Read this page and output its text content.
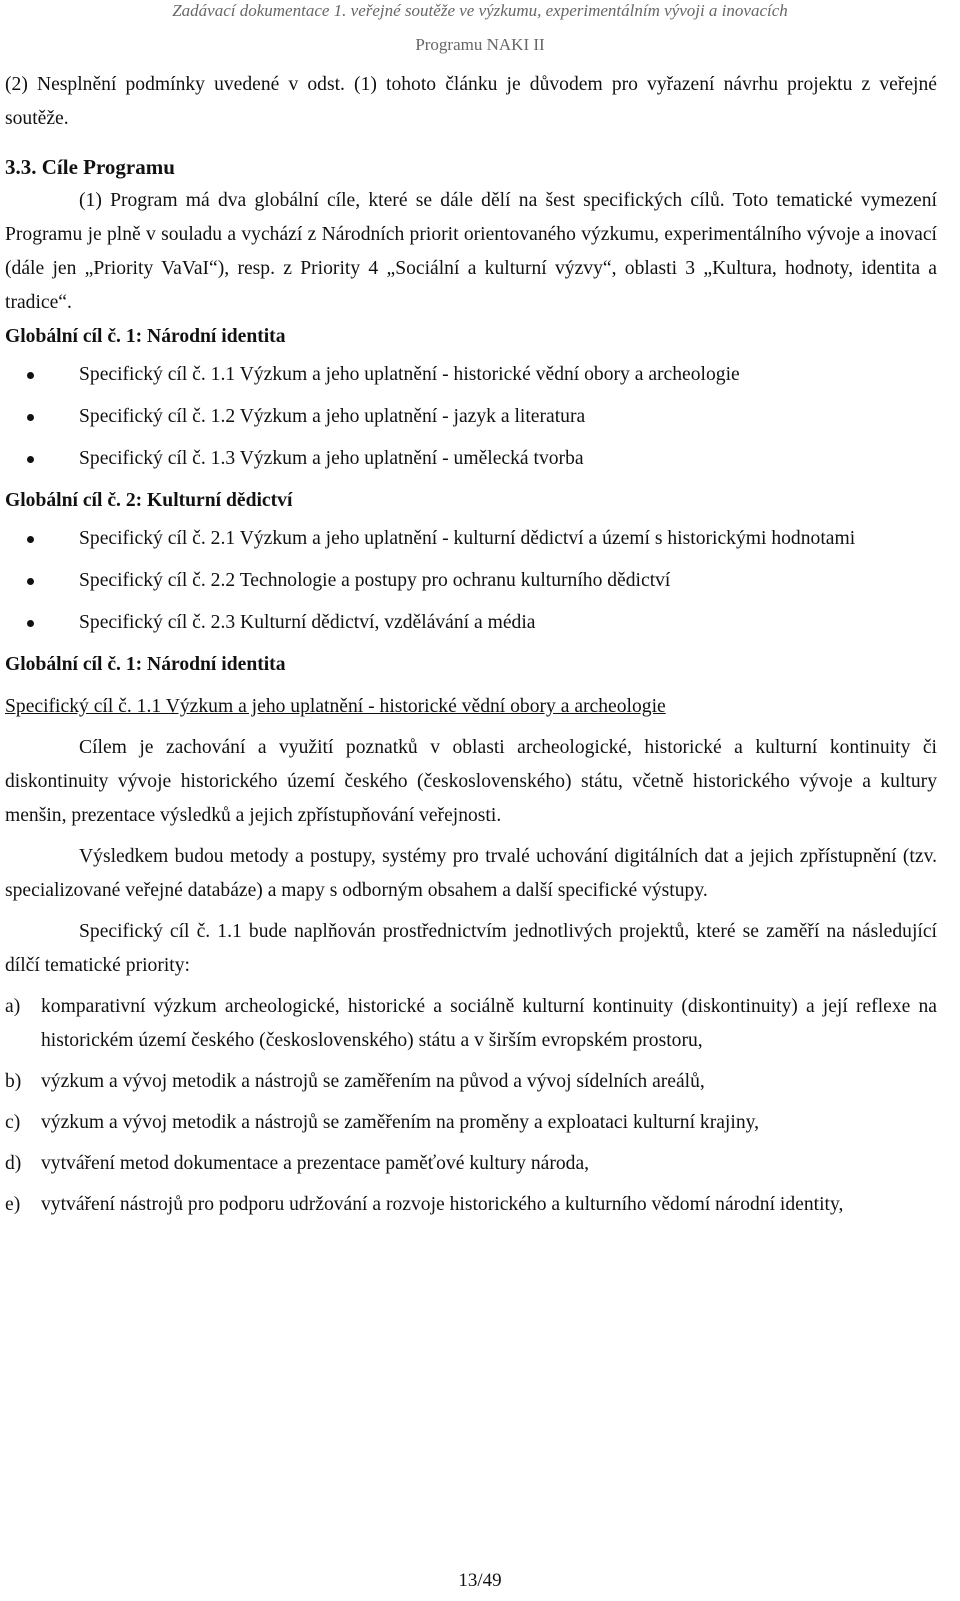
Zadávací dokumentace 1. veřejné soutěže ve výzkumu, experimentálním vývoji a inovacích
Programu NAKI II

(2) Nesplnění podmínky uvedené v odst. (1) tohoto článku je důvodem pro vyřazení návrhu projektu z veřejné soutěže.

3.3. Cíle Programu

(1) Program má dva globální cíle, které se dále dělí na šest specifických cílů. Toto tematické vymezení Programu je plně v souladu a vychází z Národních priorit orientovaného výzkumu, experimentálního vývoje a inovací (dále jen „Priority VaVaI“), resp. z Priority 4 „Sociální a kulturní výzvy“, oblasti 3 „Kultura, hodnoty, identita a tradice“.

Globální cíl č. 1: Národní identita
Specifický cíl č. 1.1 Výzkum a jeho uplatnění - historické vědní obory a archeologie
Specifický cíl č. 1.2 Výzkum a jeho uplatnění - jazyk a literatura
Specifický cíl č. 1.3 Výzkum a jeho uplatnění - umělecká tvorba
Globální cíl č. 2: Kulturní dědictví
Specifický cíl č. 2.1 Výzkum a jeho uplatnění - kulturní dědictví a území s historickými hodnotami
Specifický cíl č. 2.2 Technologie a postupy pro ochranu kulturního dědictví
Specifický cíl č. 2.3 Kulturní dědictví, vzdělávání a média
Globální cíl č. 1: Národní identita
Specifický cíl č. 1.1 Výzkum a jeho uplatnění - historické vědní obory a archeologie

Cílem je zachování a využití poznatků v oblasti archeologické, historické a kulturní kontinuity či diskontinuity vývoje historického území českého (československého) státu, včetně historického vývoje a kultury menšin, prezentace výsledků a jejich zpřístupňování veřejnosti.

Výsledkem budou metody a postupy, systémy pro trvalé uchování digitálních dat a jejich zpřístupnění (tzv. specializované veřejné databáze) a mapy s odborným obsahem a další specifické výstupy.

Specifický cíl č. 1.1 bude naplňován prostřednictvím jednotlivých projektů, které se zaměří na následující dílčí tematické priority:

a) komparativní výzkum archeologické, historické a sociálně kulturní kontinuity (diskontinuity) a její reflexe na historickém území českého (československého) státu a v širším evropském prostoru,
b) výzkum a vývoj metodik a nástrojů se zaměřením na původ a vývoj sídelních areálů,
c) výzkum a vývoj metodik a nástrojů se zaměřením na proměny a exploataci kulturní krajiny,
d) vytváření metod dokumentace a prezentace paměťové kultury národa,
e) vytváření nástrojů pro podporu udržování a rozvoje historického a kulturního vědomí národní identity,
13/49
